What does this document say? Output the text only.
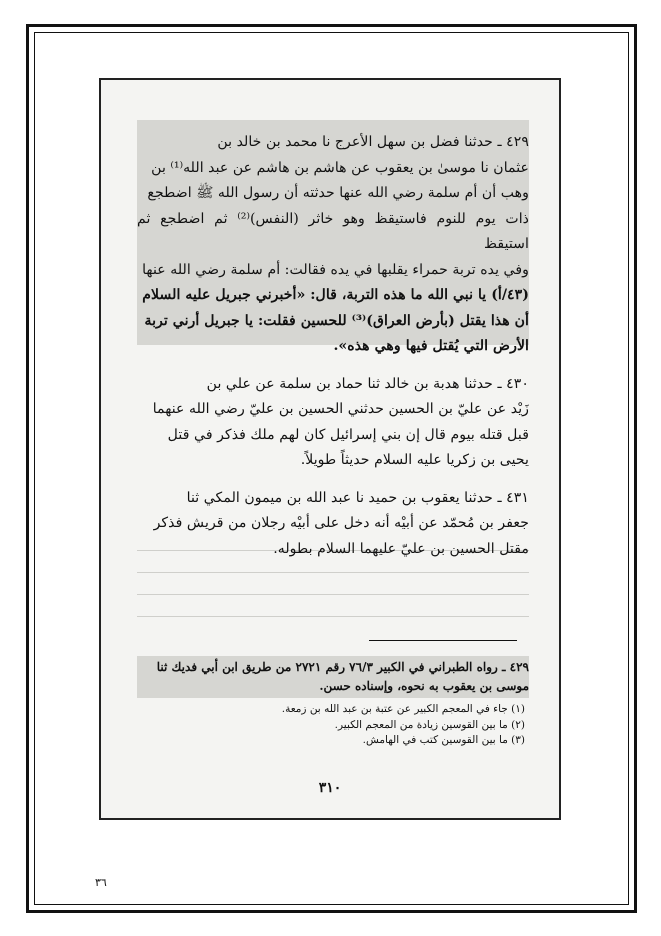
٤٢٩ ـ حدثنا فضل بن سهل الأعرج نا محمد بن خالد بن
عثمان نا موسىٰ بن يعقوب عن هاشم بن هاشم عن عبد الله⁽¹⁾ بن
وهب أن أم سلمة رضي الله عنها حدثته أن رسول الله ﷺ اضطجع
ذات يوم للنوم فاستيقظ وهو خاثر (النفس)⁽²⁾ ثم اضطجع ثم استيقظ
وفي يده تربة حمراء يقلبها في يده فقالت: أم سلمة رضي الله عنها
(٤٣/أ) يا نبي الله ما هذه التربة، قال: «أخبرني جبريل عليه السلام
أن هذا يقتل (بأرض العراق)⁽³⁾ للحسين فقلت: يا جبريل أرني تربة
الأرض التي يُقتل فيها وهي هذه».
٤٣٠ ـ حدثنا هدبة بن خالد ثنا حماد بن سلمة عن علي بن
زَيْد عن عليّ بن الحسين حدثني الحسين بن عليّ رضي الله عنهما
قبل قتله بيوم قال إن بني إسرائيل كان لهم ملك فذكر في قتل
يحيى بن زكريا عليه السلام حديثاً طويلاً.
٤٣١ ـ حدثنا يعقوب بن حميد نا عبد الله بن ميمون المكي ثنا
جعفر بن مُحمّد عن أبيْه أنه دخل على أبيْه رجلان من قريش فذكر
مقتل الحسين بن عليّ عليهما السلام بطوله.
٤٢٩ ـ رواه الطبراني في الكبير ٧٦/٣ رقم ٢٧٢١ من طريق ابن أبي فديك ثنا
موسى بن يعقوب به نحوه، وإسناده حسن.
(١) جاء في المعجم الكبير عن عتبة بن عبد الله بن زمعة.
(٢) ما بين القوسين زيادة من المعجم الكبير.
(٣) ما بين القوسين كتب في الهامش.
٣١٠
٣٦
